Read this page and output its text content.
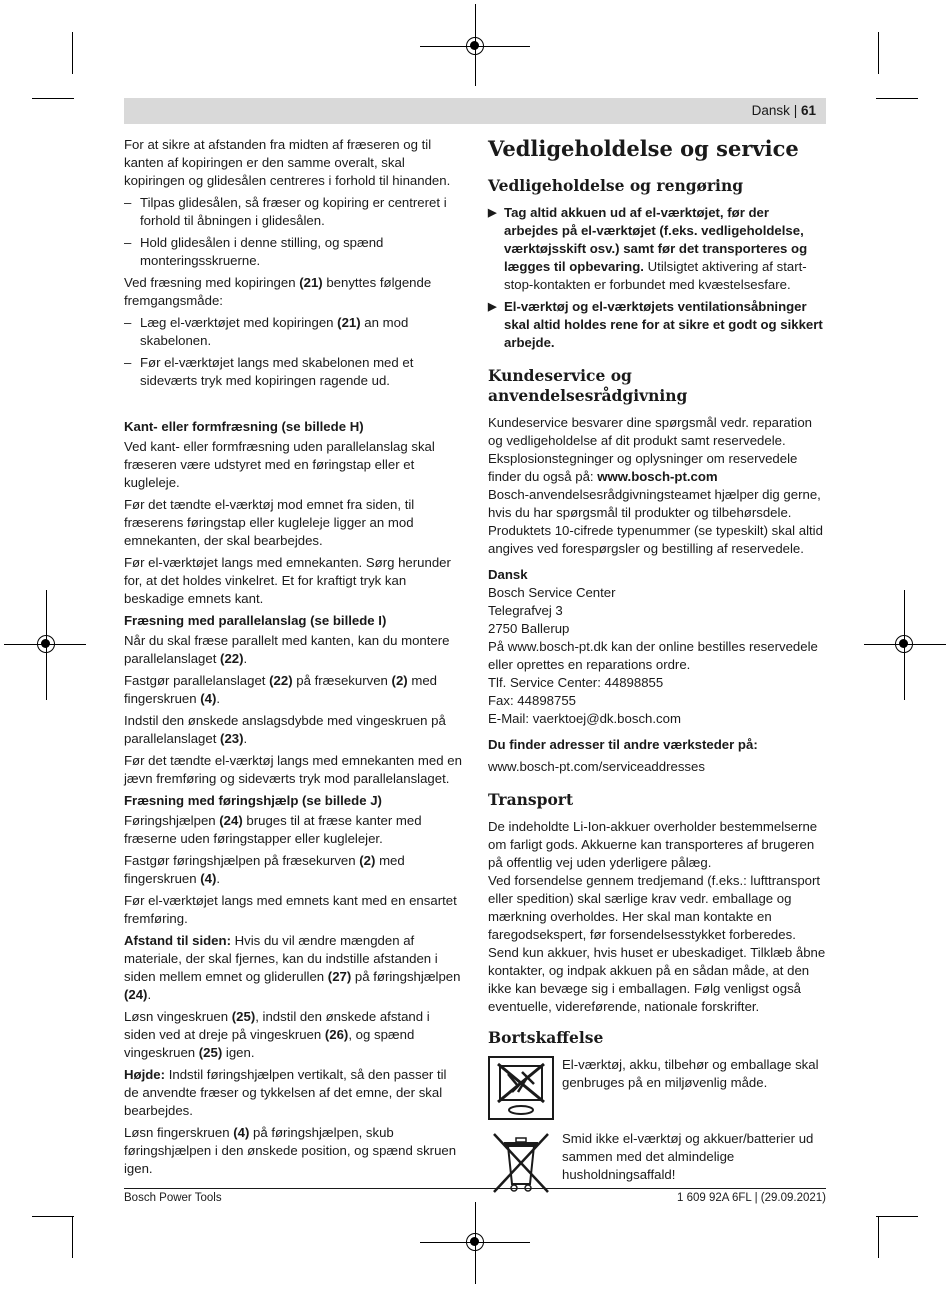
Dansk | 61

For at sikre at afstanden fra midten af fræseren og til kanten af kopiringen er den samme overalt, skal kopiringen og glidesålen centreres i forhold til hinanden.

– Tilpas glidesålen, så fræser og kopiring er centreret i forhold til åbningen i glidesålen.
– Hold glidesålen i denne stilling, og spænd monteringsskruerne.

Ved fræsning med kopiringen (21) benyttes følgende fremgangsmåde:

– Læg el-værktøjet med kopiringen (21) an mod skabelonen.
– Før el-værktøjet langs med skabelonen med et sideværts tryk med kopiringen ragende ud.
Kant- eller formfræsning (se billede H)

Ved kant- eller formfræsning uden parallelanslag skal fræseren være udstyret med en føringstap eller et kugleleje.

Før det tændte el-værktøj mod emnet fra siden, til fræserens føringstap eller kugleleje ligger an mod emnekanten, der skal bearbejdes.

Før el-værktøjet langs med emnekanten. Sørg herunder for, at det holdes vinkelret. Et for kraftigt tryk kan beskadige emnets kant.

Fræsning med parallelanslag (se billede I)

Når du skal fræse parallelt med kanten, kan du montere parallelanslaget (22).

Fastgør parallelanslaget (22) på fræsekurven (2) med fingerskruen (4).

Indstil den ønskede anslagsdybde med vingeskruen på parallelanslaget (23).

Før det tændte el-værktøj langs med emnekanten med en jævn fremføring og sideværts tryk mod parallelanslaget.

Fræsning med føringshjælp (se billede J)

Føringshjælpen (24) bruges til at fræse kanter med fræserne uden føringstapper eller kuglelejer.

Fastgør føringshjælpen på fræsekurven (2) med fingerskruen (4).

Før el-værktøjet langs med emnets kant med en ensartet fremføring.

Afstand til siden: Hvis du vil ændre mængden af materiale, der skal fjernes, kan du indstille afstanden i siden mellem emnet og gliderullen (27) på føringshjælpen (24).

Løsn vingeskruen (25), indstil den ønskede afstand i siden ved at dreje på vingeskruen (26), og spænd vingeskruen (25) igen.

Højde: Indstil føringshjælpen vertikalt, så den passer til de anvendte fræser og tykkelsen af det emne, der skal bearbejdes.

Løsn fingerskruen (4) på føringshjælpen, skub føringshjælpen i den ønskede position, og spænd skruen igen.

Vedligeholdelse og service
Vedligeholdelse og rengøring
▶ Tag altid akkuen ud af el-værktøjet, før der arbejdes på el-værktøjet (f.eks. vedligeholdelse, værktøjsskift osv.) samt før det transporteres og lægges til opbevaring. Utilsigtet aktivering af start-stop-kontakten er forbundet med kvæstelsesfare.
▶ El-værktøj og el-værktøjets ventilationsåbninger skal altid holdes rene for at sikre et godt og sikkert arbejde.
Kundeservice og anvendelsesrådgivning

Kundeservice besvarer dine spørgsmål vedr. reparation og vedligeholdelse af dit produkt samt reservedele. Eksplosionstegninger og oplysninger om reservedele finder du også på: www.bosch-pt.com

Bosch-anvendelsesrådgivningsteamet hjælper dig gerne, hvis du har spørgsmål til produkter og tilbehørsdele.

Produktets 10-cifrede typenummer (se typeskilt) skal altid angives ved forespørgsler og bestilling af reservedele.

Dansk

Bosch Service Center

Telegrafvej 3

2750 Ballerup

På www.bosch-pt.dk kan der online bestilles reservedele eller oprettes en reparations ordre.

Tlf. Service Center: 44898855

Fax: 44898755

E-Mail: vaerktoej@dk.bosch.com

Du finder adresser til andre værksteder på:

www.bosch-pt.com/serviceaddresses

Transport

De indeholdte Li-Ion-akkuer overholder bestemmelserne om farligt gods. Akkuerne kan transporteres af brugeren på offentlig vej uden yderligere pålæg.

Ved forsendelse gennem tredjemand (f.eks.: lufttransport eller spedition) skal særlige krav vedr. emballage og mærkning overholdes. Her skal man kontakte en faregodsekspert, før forsendelsesstykket forberedes.

Send kun akkuer, hvis huset er ubeskadiget. Tilklæb åbne kontakter, og indpak akkuen på en sådan måde, at den ikke kan bevæge sig i emballagen. Følg venligst også eventuelle, videreførende, nationale forskrifter.

Bortskaffelse
El-værktøj, akku, tilbehør og emballage skal genbruges på en miljøvenlig måde.
Smid ikke el-værktøj og akkuer/batterier ud sammen med det almindelige husholdningsaffald!
Bosch Power Tools	1 609 92A 6FL | (29.09.2021)
